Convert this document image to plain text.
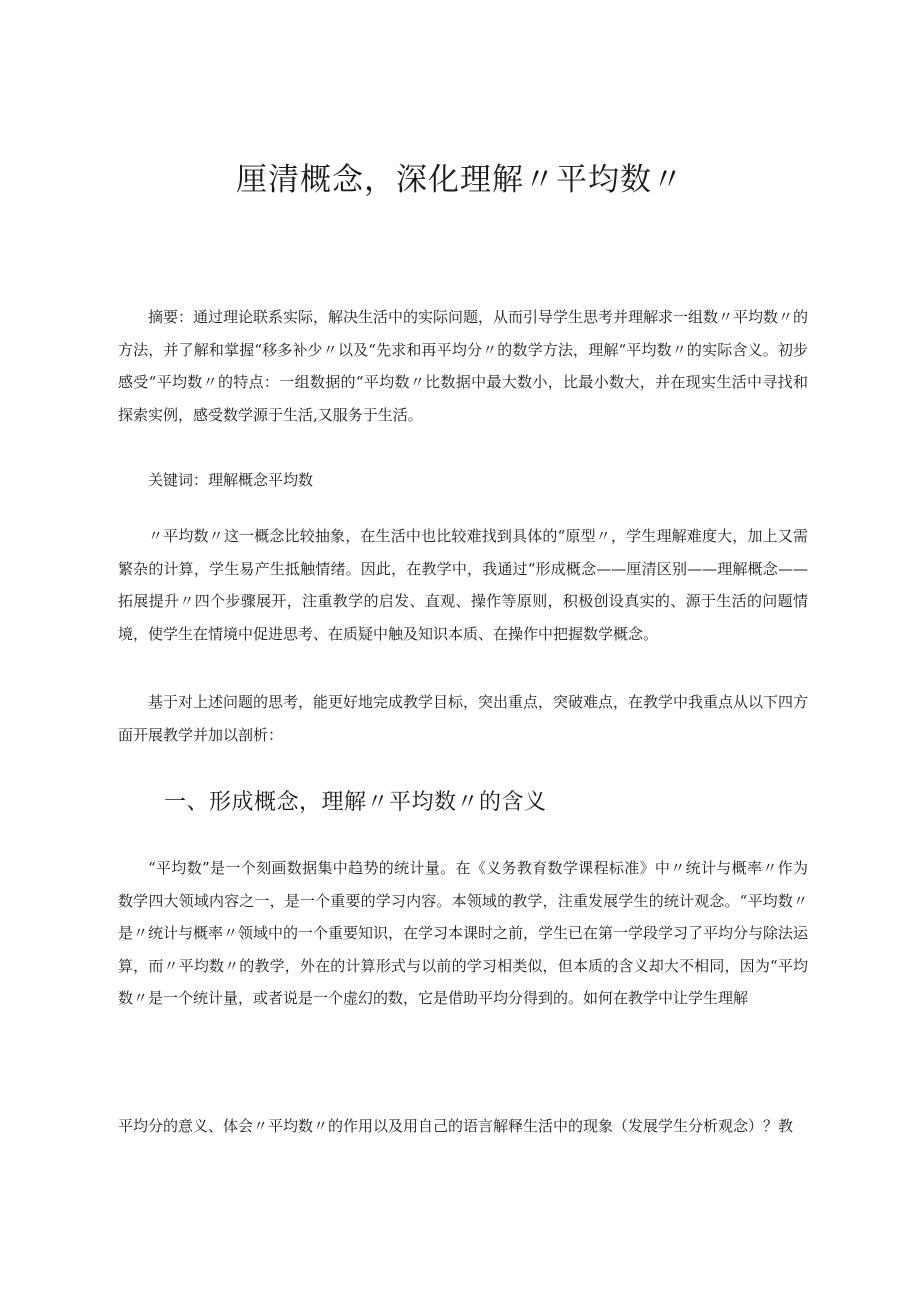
厘清概念，深化理解〃平均数〃

摘要：通过理论联系实际，解决生活中的实际问题，从而引导学生思考并理解求一组数〃平均数〃的方法，并了解和掌握“移多补少〃以及“先求和再平均分〃的数学方法，理解“平均数〃的实际含义。初步感受“平均数〃的特点：一组数据的“平均数〃比数据中最大数小，比最小数大，并在现实生活中寻找和探索实例，感受数学源于生活,又服务于生活。

关键词：理解概念平均数

〃平均数〃这一概念比较抽象，在生活中也比较难找到具体的“原型〃，学生理解难度大，加上又需繁杂的计算，学生易产生抵触情绪。因此，在教学中，我通过“形成概念——厘清区别——理解概念——拓展提升〃四个步骤展开，注重教学的启发、直观、操作等原则，积极创设真实的、源于生活的问题情境，使学生在情境中促进思考、在质疑中触及知识本质、在操作中把握数学概念。

基于对上述问题的思考，能更好地完成教学目标，突出重点，突破难点，在教学中我重点从以下四方面开展教学并加以剖析：

一、形成概念，理解〃平均数〃的含义

“平均数”是一个刻画数据集中趋势的统计量。在《义务教育数学课程标准》中〃统计与概率〃作为数学四大领域内容之一，是一个重要的学习内容。本领域的教学，注重发展学生的统计观念。“平均数〃是〃统计与概率〃领域中的一个重要知识，在学习本课时之前，学生已在第一学段学习了平均分与除法运算，而〃平均数〃的教学，外在的计算形式与以前的学习相类似，但本质的含义却大不相同，因为“平均数〃是一个统计量，或者说是一个虚幻的数，它是借助平均分得到的。如何在教学中让学生理解

平均分的意义、体会〃平均数〃的作用以及用自己的语言解释生活中的现象（发展学生分析观念）？教
